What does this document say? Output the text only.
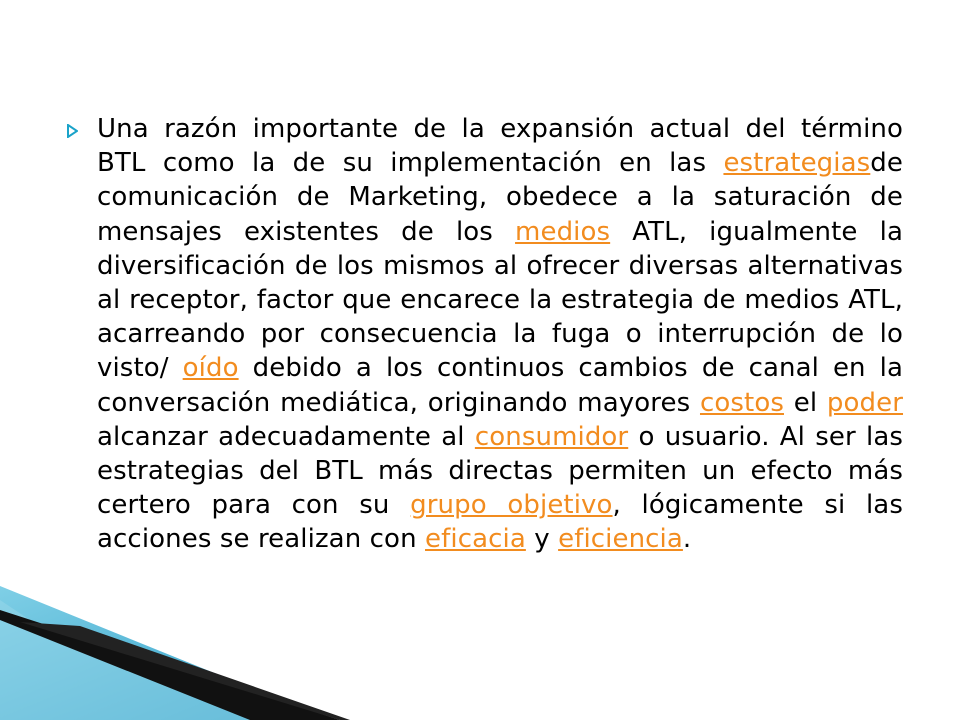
Una razón importante de la expansión actual del término BTL como la de su implementación en las estrategiasde comunicación de Marketing, obedece a la saturación de mensajes existentes de los medios ATL, igualmente la diversificación de los mismos al ofrecer diversas alternativas al receptor, factor que encarece la estrategia de medios ATL, acarreando por consecuencia la fuga o interrupción de lo visto/ oído debido a los continuos cambios de canal en la conversación mediática, originando mayores costos el poder alcanzar adecuadamente al consumidor o usuario. Al ser las estrategias del BTL más directas permiten un efecto más certero para con su grupo objetivo, lógicamente si las acciones se realizan con eficacia y eficiencia.
